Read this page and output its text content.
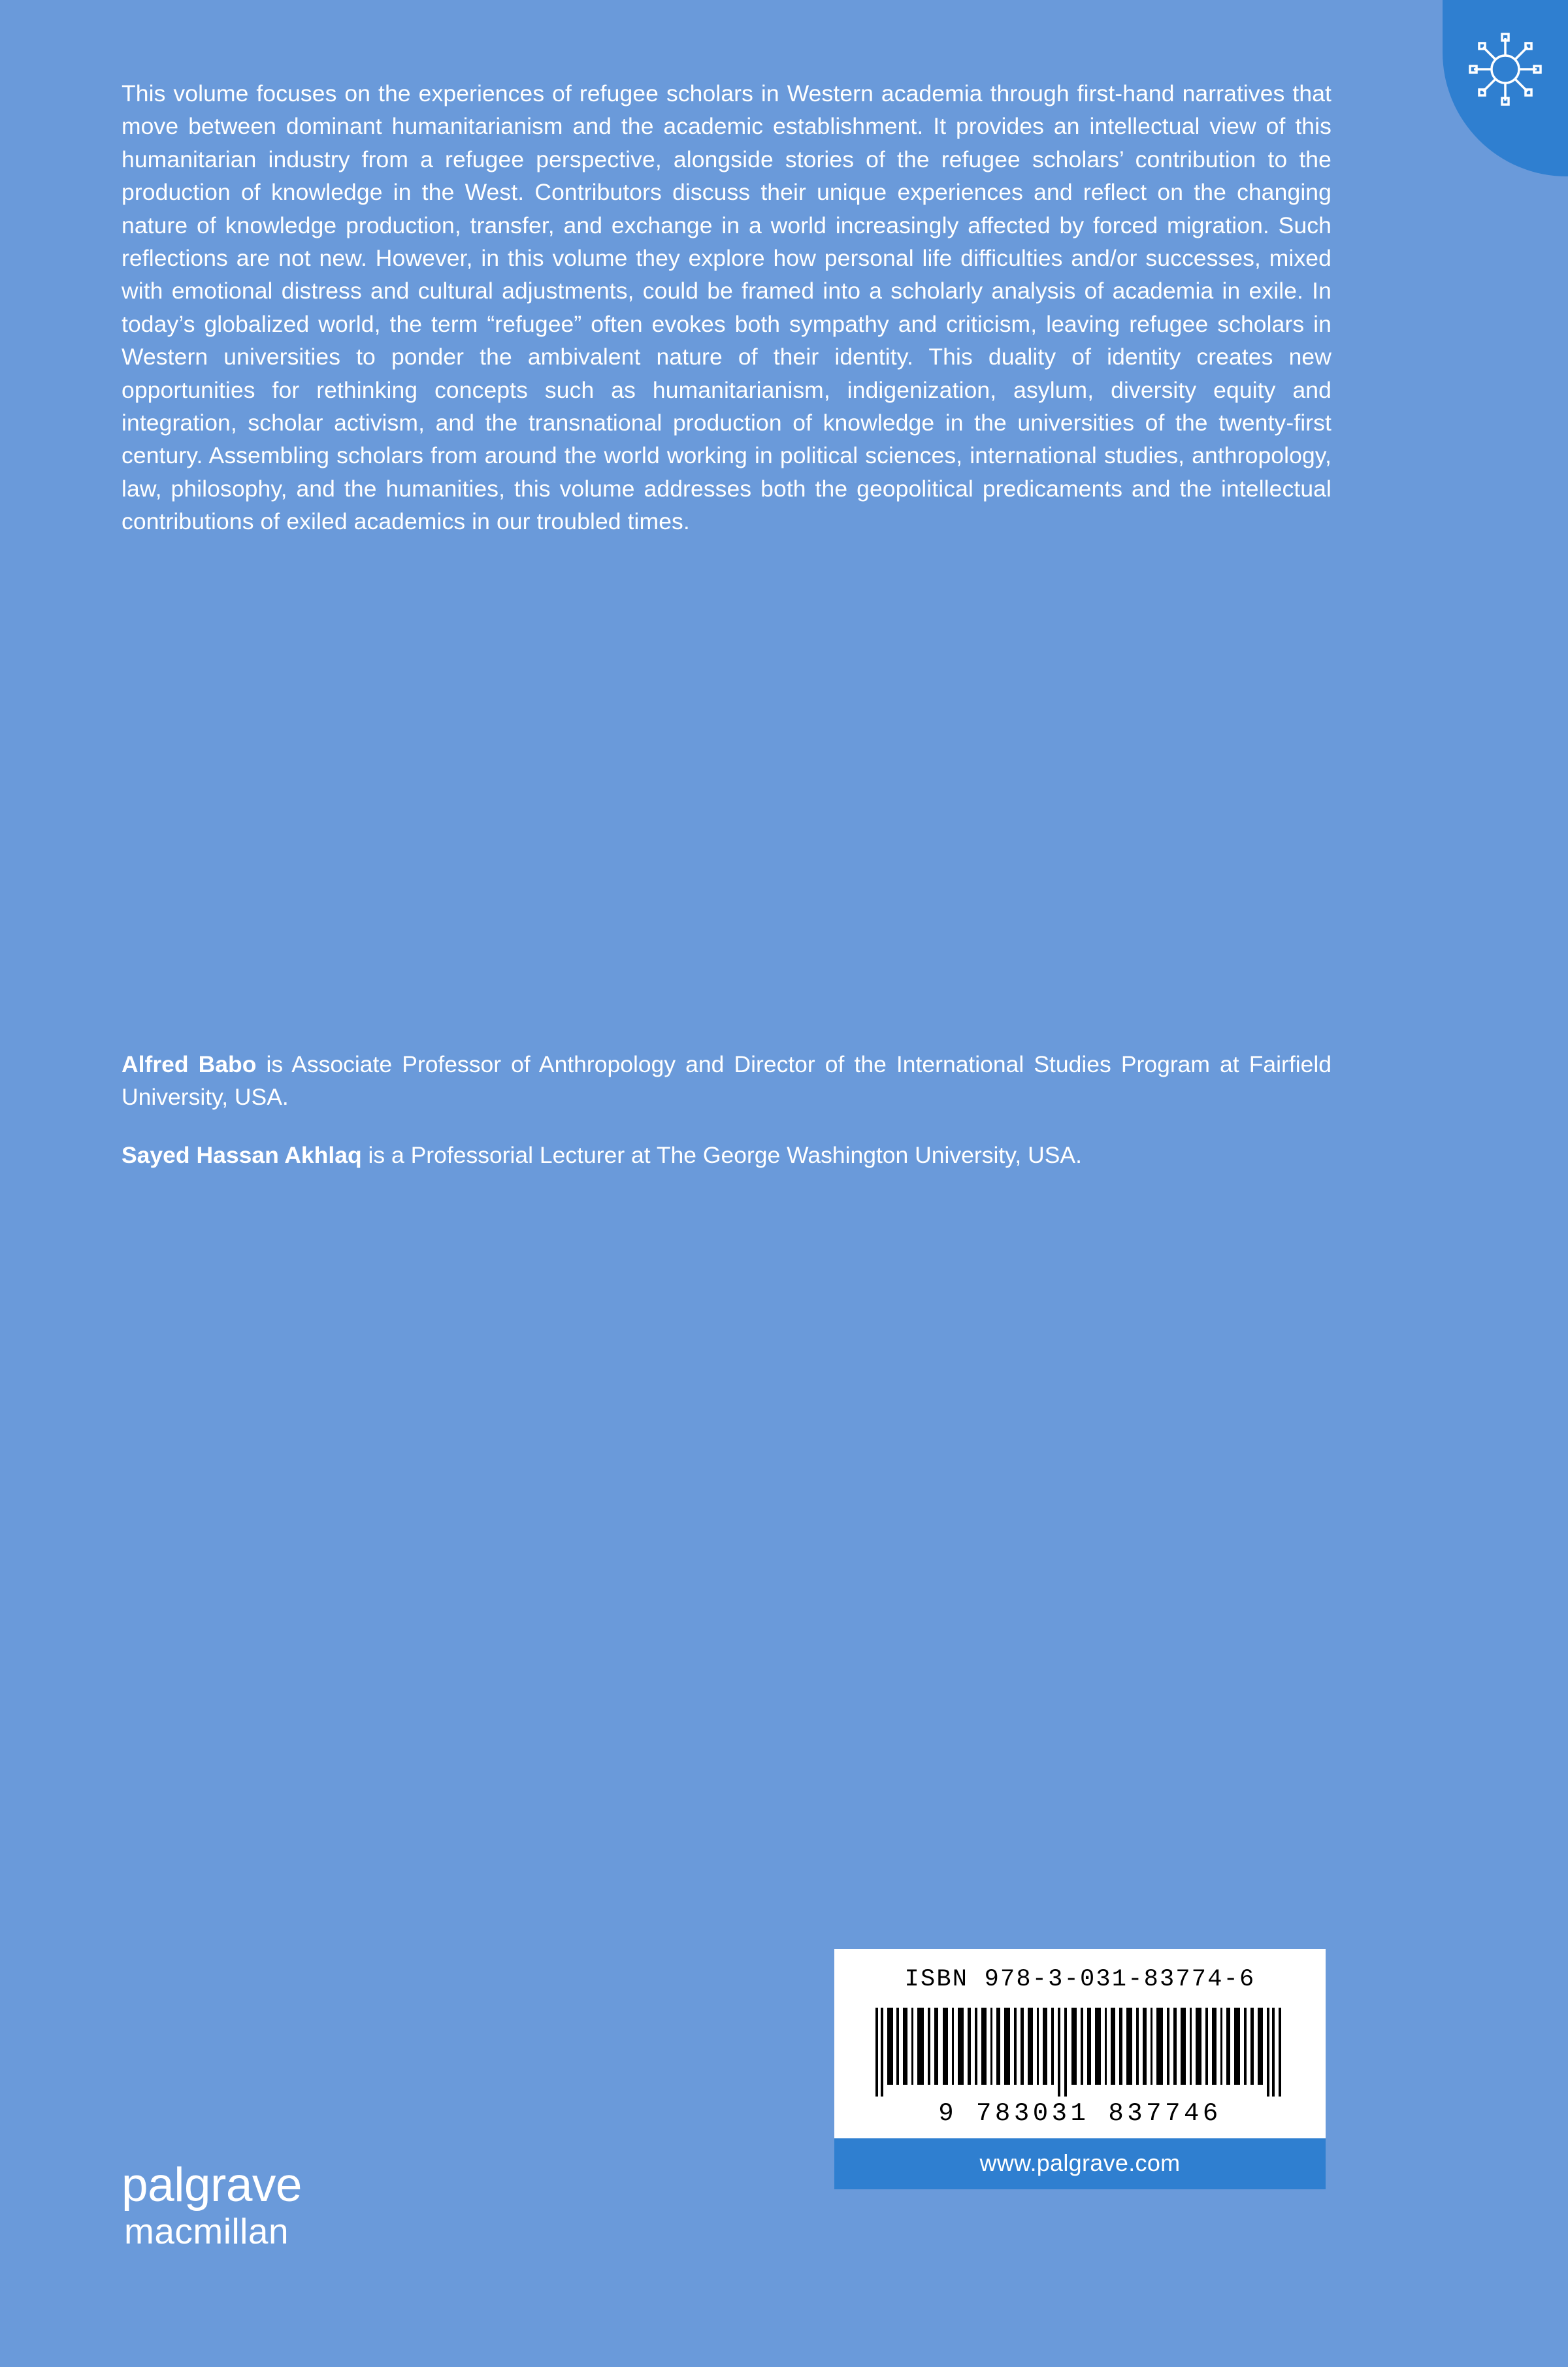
This volume focuses on the experiences of refugee scholars in Western academia through first-hand narratives that move between dominant humanitarianism and the academic establishment. It provides an intellectual view of this humanitarian industry from a refugee perspective, alongside stories of the refugee scholars’ contribution to the production of knowledge in the West. Contributors discuss their unique experiences and reflect on the changing nature of knowledge production, transfer, and exchange in a world increasingly affected by forced migration. Such reflections are not new. However, in this volume they explore how personal life difficulties and/or successes, mixed with emotional distress and cultural adjustments, could be framed into a scholarly analysis of academia in exile. In today’s globalized world, the term “refugee” often evokes both sympathy and criticism, leaving refugee scholars in Western universities to ponder the ambivalent nature of their identity. This duality of identity creates new opportunities for rethinking concepts such as humanitarianism, indigenization, asylum, diversity equity and integration, scholar activism, and the transnational production of knowledge in the universities of the twenty-first century. Assembling scholars from around the world working in political sciences, international studies, anthropology, law, philosophy, and the humanities, this volume addresses both the geopolitical predicaments and the intellectual contributions of exiled academics in our troubled times.

Alfred Babo is Associate Professor of Anthropology and Director of the International Studies Program at Fairfield University, USA.

Sayed Hassan Akhlaq is a Professorial Lecturer at The George Washington University, USA.

palgrave
macmillan
ISBN 978-3-031-83774-6
9 783031 837746
www.palgrave.com
